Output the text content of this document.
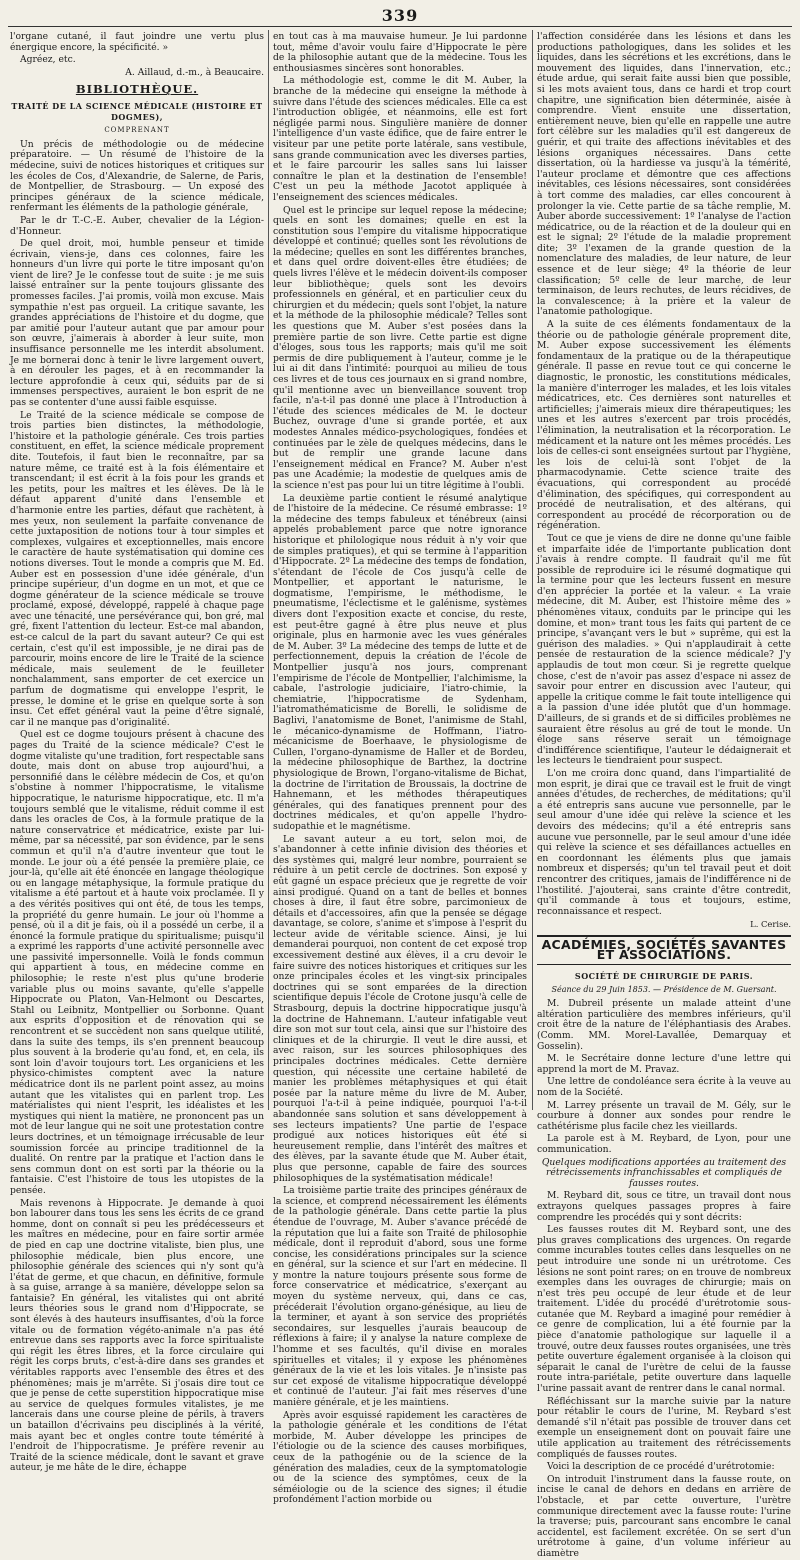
339

l'organe cutané, il faut joindre une vertu plus énergique encore, la spécificité. »

Agréez, etc.

A. Aillaud, d.-m., à Beaucaire.

BIBLIOTHÈQUE.
TRAITÉ DE LA SCIENCE MÉDICALE (HISTOIRE ET DOGMES),
COMPRENANT

Un précis de méthodologie ou de médecine préparatoire. — Un résumé de l'histoire de la médecine, suivi de notices historiques et critiques sur les écoles de Cos, d'Alexandrie, de Salerne, de Paris, de Montpellier, de Strasbourg. — Un exposé des principes généraux de la science médicale, renfermant les éléments de la pathologie générale,

Par le dr T.-C.-E. Auber, chevalier de la Légion-d'Honneur.

De quel droit, moi, humble penseur et timide écrivain, viens-je, dans ces colonnes, faire les honneurs d'un livre qui porte le titre imposant qu'on vient de lire? Je le confesse tout de suite : je me suis laissé entraîner sur la pente toujours glissante des promesses faciles. J'ai promis, voilà mon excuse. Mais sympathie n'est pas orgueil. La critique savante, les grandes appréciations de l'histoire et du dogme, que par amitié pour l'auteur autant que par amour pour son œuvre, j'aimerais à aborder à leur suite, mon insuffisance personnelle me les interdit absolument. Je me bornerai donc à tenir le livre largement ouvert, à en dérouler les pages, et à en recommander la lecture approfondie à ceux qui, séduits par de si immenses perspectives, auraient le bon esprit de ne pas se contenter d'une aussi faible esquisse.

Le Traité de la science médicale se compose de trois parties bien distinctes, la méthodologie, l'histoire et la pathologie générale. Ces trois parties constituent, en effet, la science médicale proprement dite. Toutefois, il faut bien le reconnaître, par sa nature même, ce traité est à la fois élémentaire et transcendant; il est écrit à la fois pour les grands et les petits, pour les maîtres et les élèves. De là le défaut apparent d'unité dans l'ensemble et d'harmonie entre les parties, défaut que rachètent, à mes yeux, non seulement la parfaite convenance de cette juxtaposition de notions tour à tour simples et complexes, vulgaires et exceptionnelles, mais encore le caractère de haute systématisation qui domine ces notions diverses. Tout le monde a compris que M. Ed. Auber est en possession d'une idée générale, d'un principe supérieur, d'un dogme en un mot, et que ce dogme générateur de la science médicale se trouve proclamé, exposé, développé, rappelé à chaque page avec une ténacité, une persévérance qui, bon gré, mal gré, fixent l'attention du lecteur. Est-ce mal abandon, est-ce calcul de la part du savant auteur? Ce qui est certain, c'est qu'il est impossible, je ne dirai pas de parcourir, moins encore de lire le Traité de la science médicale, mais seulement de le feuilleter nonchalamment, sans emporter de cet exercice un parfum de dogmatisme qui enveloppe l'esprit, le presse, le domine et le grise en quelque sorte à son insu. Cet effet général vaut la peine d'être signalé, car il ne manque pas d'originalité.

Quel est ce dogme toujours présent à chacune des pages du Traité de la science médicale? C'est le dogme vitaliste qu'une tradition, fort respectable sans doute, mais dont on abuse trop aujourd'hui, a personnifié dans le célèbre médecin de Cos, et qu'on s'obstine à nommer l'hippocratisme, le vitalisme hippocratique, le naturisme hippocratique, etc. Il m'a toujours semblé que le vitalisme, réduit comme il est dans les oracles de Cos, à la formule pratique de la nature conservatrice et médicatrice, existe par lui-même, par sa nécessité, par son évidence, par le sens commun et qu'il n'a d'autre inventeur que tout le monde. Le jour où a été pensée la première plaie, ce jour-là, qu'elle ait été énoncée en langage théologique ou en langage métaphysique, la formule pratique du vitalisme a été partout et à haute voix proclamée. Il y a des vérités positives qui ont été, de tous les temps, la propriété du genre humain. Le jour où l'homme a pensé, où il a dit je fais, où il a possédé un cerbe, il a énoncé la formule pratique du spiritualisme; puisqu'il a exprimé les rapports d'une activité personnelle avec une passivité impersonnelle. Voilà le fonds commun qui appartient à tous, en médecine comme en philosophie; le reste n'est plus qu'une broderie variable plus ou moins savante, qu'elle s'appelle Hippocrate ou Platon, Van-Helmont ou Descartes, Stahl ou Leibnitz, Montpellier ou Sorbonne. Quant aux esprits d'opposition et de rénovation qui se rencontrent et se succèdent non sans quelque utilité, dans la suite des temps, ils s'en prennent beaucoup plus souvent à la broderie qu'au fond, et, en cela, ils sont loin d'avoir toujours tort. Les organiciens et les physico-chimistes comptent avec la nature médicatrice dont ils ne parlent point assez, au moins autant que les vitalistes qui en parlent trop. Les matérialistes qui nient l'esprit, les idéalistes et les mystiques qui nient la matière, ne prononcent pas un mot de leur langue qui ne soit une protestation contre leurs doctrines, et un témoignage irrécusable de leur soumission forcée au principe traditionnel de la dualité. On rentre par la pratique et l'action dans le sens commun dont on est sorti par la théorie ou la fantaisie. C'est l'histoire de tous les utopistes de la pensée.

Mais revenons à Hippocrate. Je demande à quoi bon labourer dans tous les sens les écrits de ce grand homme, dont on connaît si peu les prédécesseurs et les maîtres en médecine, pour en faire sortir armée de pied en cap une doctrine vitaliste, bien plus, une philosophie médicale, bien plus encore, une philosophie générale des sciences qui n'y sont qu'à l'état de germe, et que chacun, en définitive, formule à sa guise, arrange à sa manière, développe selon sa fantaisie? En général, les vitalistes qui ont abrité leurs théories sous le grand nom d'Hippocrate, se sont élevés à des hauteurs insuffisantes, d'où la force vitale ou de formation végéto-animale n'a pas été entrevue dans ses rapports avec la force spiritualiste qui régit les êtres libres, et la force circulaire qui régit les corps bruts, c'est-à-dire dans ses grandes et véritables rapports avec l'ensemble des êtres et des phénomènes; mais je m'arrête. Si j'osais dire tout ce que je pense de cette superstition hippocratique mise au service de quelques formules vitalistes, je me lancerais dans une course pleine de périls, à travers un bataillon d'écrivains peu disciplinés à la vérité, mais ayant bec et ongles contre toute témérité à l'endroit de l'hippocratisme. Je préfère revenir au Traité de la science médicale, dont le savant et grave auteur, je me hâte de le dire, échappe

en tout cas à ma mauvaise humeur. Je lui pardonne tout, même d'avoir voulu faire d'Hippocrate le père de la philosophie autant que de la médecine. Tous les enthousiasmes sincères sont honorables.

La méthodologie est, comme le dit M. Auber, la branche de la médecine qui enseigne la méthode à suivre dans l'étude des sciences médicales. Elle ca est l'introduction obligée, et néanmoins, elle est fort négligée parmi nous. Singulière manière de donner l'intelligence d'un vaste édifice, que de faire entrer le visiteur par une petite porte latérale, sans vestibule, sans grande communication avec les diverses parties, et le faire parcourir les salles sans lui laisser connaître le plan et la destination de l'ensemble! C'est un peu la méthode Jacotot appliquée à l'enseignement des sciences médicales.

Quel est le principe sur lequel repose la médecine; quels en sont les domaines; quelle en est la constitution sous l'empire du vitalisme hippocratique développé et continué; quelles sont les révolutions de la médecine; quelles en sont les différentes branches, et dans quel ordre doivent-elles être étudiées; de quels livres l'élève et le médecin doivent-ils composer leur bibliothèque; quels sont les devoirs professionnels en général, et en particulier ceux du chirurgien et du médecin; quels sont l'objet, la nature et la méthode de la philosophie médicale? Telles sont les questions que M. Auber s'est posées dans la première partie de son livre. Cette partie est digne d'éloges, sous tous les rapports; mais qu'il me soit permis de dire publiquement à l'auteur, comme je le lui ai dit dans l'intimité: pourquoi au milieu de tous ces livres et de tous ces journaux en si grand nombre, qu'il mentionne avec un bienveillance souvent trop facile, n'a-t-il pas donné une place à l'Introduction à l'étude des sciences médicales de M. le docteur Buchez, ouvrage d'une si grande portée, et aux modestes Annales médico-psychologiques, fondées et continuées par le zèle de quelques médecins, dans le but de remplir une grande lacune dans l'enseignement médical en France? M. Auber n'est pas une Académie; la modestie de quelques amis de la science n'est pas pour lui un titre légitime à l'oubli.

La deuxième partie contient le résumé analytique de l'histoire de la médecine. Ce résumé embrasse: 1º la médecine des temps fabuleux et ténébreux (ainsi appelés probablement parce que notre ignorance historique et philologique nous réduit à n'y voir que de simples pratiques), et qui se termine à l'apparition d'Hippocrate. 2º La médecine des temps de fondation, s'étendant de l'école de Cos jusqu'à celle de Montpellier, et apportant le naturisme, le dogmatisme, l'empirisme, le méthodisme, le pneumatisme, l'éclectisme et le galénisme, systèmes divers dont l'exposition exacte et concise, du reste, est peut-être gagné à être plus neuve et plus originale, plus en harmonie avec les vues générales de M. Auber. 3º La médecine des temps de lutte et de perfectionnement, depuis la création de l'école de Montpellier jusqu'à nos jours, comprenant l'empirisme de l'école de Montpellier, l'alchimisme, la cabale, l'astrologie judiciaire, l'iatro-chimie, la chemiatrie, l'hippocratisme de Sydenham, l'iatromathématicisme de Borelli, le solidisme de Baglivi, l'anatomisme de Bonet, l'animisme de Stahl, le mécanico-dynamisme de Hoffmann, l'iatro-mécanicisme de Boerhaave, le physiologisme de Cullen, l'organo-dynamisme de Haller et de Bordeu, la médecine philosophique de Barthez, la doctrine physiologique de Brown, l'organo-vitalisme de Bichat, la doctrine de l'irritation de Broussais, la doctrine de Hahnemann, et les méthodes thérapeutiques générales, qui des fanatiques prennent pour des doctrines médicales, et qu'on appelle l'hydro-sudopathie et le magnétisme.

Le savant auteur a eu tort, selon moi, de s'abandonner à cette infinie division des théories et des systèmes qui, malgré leur nombre, pourraient se réduire à un petit cercle de doctrines. Son exposé y eût gagné un espace précieux que je regrette de voir ainsi prodigué. Quand on a tant de belles et bonnes choses à dire, il faut être sobre, parcimonieux de détails et d'accessoires, afin que la pensée se dégage davantage, se colore, s'anime et s'impose à l'esprit du lecteur avide de véritable science. Ainsi, je lui demanderai pourquoi, non content de cet exposé trop excessivement destiné aux élèves, il a cru devoir le faire suivre des notices historiques et critiques sur les onze principales écoles et les vingt-six principales doctrines qui se sont emparées de la direction scientifique depuis l'école de Crotone jusqu'à celle de Strasbourg, depuis la doctrine hippocratique jusqu'à la doctrine de Hahnemann. L'auteur infatigable veut dire son mot sur tout cela, ainsi que sur l'histoire des cliniques et de la chirurgie. Il veut le dire aussi, et avec raison, sur les sources philosophiques des principales doctrines médicales. Cette dernière question, qui nécessite une certaine habileté de manier les problèmes métaphysiques et qui était posée par la nature même du livre de M. Auber, pourquoi l'a-t-il à peine indiquée, pourquoi l'a-t-il abandonnée sans solution et sans développement à ses lecteurs impatients? Une partie de l'espace prodigué aux notices historiques eût été si heureusement remplie, dans l'intérêt des maîtres et des élèves, par la savante étude que M. Auber était, plus que personne, capable de faire des sources philosophiques de la systématisation médicale!

La troisième partie traite des principes généraux de la science, et comprend nécessairement les éléments de la pathologie générale. Dans cette partie la plus étendue de l'ouvrage, M. Auber s'avance précédé de la réputation que lui a faite son Traité de philosophie médicale, dont il reproduit d'abord, sous une forme concise, les considérations principales sur la science en général, sur la science et sur l'art en médecine. Il y montre la nature toujours présente sous forme de force conservatrice et médicatrice, s'exerçant au moyen du système nerveux, qui, dans ce cas, précéderait l'évolution organo-génésique, au lieu de la terminer, et ayant à son service des propriétés secondaires, sur lesquelles j'aurais beaucoup de réflexions à faire; il y analyse la nature complexe de l'homme et ses facultés, qu'il divise en morales spirituelles et vitales; il y expose les phénomènes généraux de la vie et les lois vitales. Je n'insiste pas sur cet exposé de vitalisme hippocratique développé et continué de l'auteur. J'ai fait mes réserves d'une manière générale, et je les maintiens.

Après avoir esquissé rapidement les caractères de la pathologie générale et les conditions de l'état morbide, M. Auber développe les principes de l'étiologie ou de la science des causes morbifiques, ceux de la pathogénie ou de la science de la génération des maladies, ceux de la symptomatologie ou de la science des symptômes, ceux de la séméiologie ou de la science des signes; il étudie profondément l'action morbide ou

l'affection considérée dans les lésions et dans les productions pathologiques, dans les solides et les liquides, dans les sécrétions et les excrétions, dans le mouvement des liquides, dans l'innervation, etc.; étude ardue, qui serait faite aussi bien que possible, si les mots avaient tous, dans ce hardi et trop court chapitre, une signification bien déterminée, aisée à comprendre. Vient ensuite une dissertation, entièrement neuve, bien qu'elle en rappelle une autre fort célèbre sur les maladies qu'il est dangereux de guérir, et qui traite des affections inévitables et des lésions organiques nécessaires. Dans cette dissertation, où la hardiesse va jusqu'à la témérité, l'auteur proclame et démontre que ces affections inévitables, ces lésions nécessaires, sont considérées à tort comme des maladies, car elles concourent à prolonger la vie. Cette partie de sa tâche remplie, M. Auber aborde successivement: 1º l'analyse de l'action médicatrice, ou de la réaction et de la douleur qui en est le signal; 2º l'étude de la maladie proprement dite; 3º l'examen de la grande question de la nomenclature des maladies, de leur nature, de leur essence et de leur siège; 4º la théorie de leur classification; 5º celle de leur marche, de leur terminaison, de leurs rechutes, de leurs récidives, de la convalescence; à la prière et la valeur de l'anatomie pathologique.

A la suite de ces éléments fondamentaux de la théorie ou de pathologie générale proprement dite, M. Auber expose successivement les éléments fondamentaux de la pratique ou de la thérapeutique générale. Il passe en revue tout ce qui concerne le diagnostic, le pronostic, les constitutions médicales, la manière d'interroger les malades, et les lois vitales médicatrices, etc. Ces dernières sont naturelles et artificielles; j'aimerais mieux dire thérapeutiques; les unes et les autres s'exercent par trois procédés, l'élimination, la neutralisation et la récorporation. Le médicament et la nature ont les mêmes procédés. Les lois de celles-ci sont enseignées surtout par l'hygiène, les lois de celui-là sont l'objet de la pharmacodynamie. Cette science traite des évacuations, qui correspondent au procédé d'élimination, des spécifiques, qui correspondent au procédé de neutralisation, et des altérans, qui correspondent au procédé de récorporation ou de régénération.

Tout ce que je viens de dire ne donne qu'une faible et imparfaite idée de l'importante publication dont j'avais à rendre compte. Il faudrait qu'il me fût possible de reproduire ici le résumé dogmatique qui la termine pour que les lecteurs fussent en mesure d'en apprécier la portée et la valeur. « La vraie médecine, dit M. Auber, est l'histoire même des » phénomènes vitaux, conduits par le principe qui les domine, et mon» trant tous les faits qui partent de ce principe, s'avançant vers le but » suprême, qui est la guérison des maladies. » Qui n'applaudirait à cette pensée de restauration de la science médicale? J'y applaudis de tout mon cœur. Si je regrette quelque chose, c'est de n'avoir pas assez d'espace ni assez de savoir pour entrer en discussion avec l'auteur, qui appelle la critique comme le fait toute intelligence qui a la passion d'une idée plutôt que d'un hommage. D'ailleurs, de si grands et de si difficiles problèmes ne sauraient être résolus au gré de tout le monde. Un éloge sans réserve serait un témoignage d'indifférence scientifique, l'auteur le dédaignerait et les lecteurs le tiendraient pour suspect.

L'on me croira donc quand, dans l'impartialité de mon esprit, je dirai que ce travail est le fruit de vingt années d'études, de recherches, de méditations; qu'il a été entrepris sans aucune vue personnelle, par le seul amour d'une idée qui relève la science et les devoirs des médecins; qu'il a été entrepris sans aucune vue personnelle, par le seul amour d'une idée qui relève la science et ses défaillances actuelles en en coordonnant les éléments plus que jamais nombreux et dispersés; qu'un tel travail peut et doit rencontrer des critiques, jamais de l'indifférence ni de l'hostilité. J'ajouterai, sans crainte d'être contredit, qu'il commande à tous et toujours, estime, reconnaissance et respect.

L. Cerise.

ACADÉMIES, SOCIÉTÉS SAVANTES ET ASSOCIATIONS.
SOCIÉTÉ DE CHIRURGIE DE PARIS.
Séance du 29 Juin 1853. — Présidence de M. Guersant.

M. Dubreil présente un malade atteint d'une altération particulière des membres inférieurs, qu'il croit être de la nature de l'éléphantiasis des Arabes. (Comm. MM. Morel-Lavallée, Demarquay et Gosselin).

M. le Secrétaire donne lecture d'une lettre qui apprend la mort de M. Pravaz.

Une lettre de condoléance sera écrite à la veuve au nom de la Société.

M. Larrey présente un travail de M. Gély, sur le courbure à donner aux sondes pour rendre le cathétérisme plus facile chez les vieillards.

La parole est à M. Reybard, de Lyon, pour une communication.

Quelques modifications apportées au traitement des rétrécissements infranchissables et compliqués de fausses routes.

M. Reybard dit, sous ce titre, un travail dont nous extrayons quelques passages propres à faire comprendre les procédés qui y sont décrits:

Les fausses routes dit M. Reybard sont, une des plus graves complications des urgences. On regarde comme incurables toutes celles dans lesquelles on ne peut introduire une sonde ni un urétrotome. Ces lésions ne sont point rares; on en trouve de nombreux exemples dans les ouvrages de chirurgie; mais on n'est très peu occupé de leur étude et de leur traitement. L'idée du procédé d'urétrotomie sous-cutanée que M. Reybard a imaginé pour remédier à ce genre de complication, lui a été fournie par la pièce d'anatomie pathologique sur laquelle il a trouvé, outre deux fausses routes organisées, une très petite ouverture également organisée à la cloison qui séparait le canal de l'urètre de celui de la fausse route intra-pariétale, petite ouverture dans laquelle l'urine passait avant de rentrer dans le canal normal.

Réfléchissant sur la marche suivie par la nature pour rétablir le cours de l'urine, M. Reybard s'est demandé s'il n'était pas possible de trouver dans cet exemple un enseignement dont on pouvait faire une utile application au traitement des rétrécissements compliqués de fausses routes.

Voici la description de ce procédé d'urétrotomie:

On introduit l'instrument dans la fausse route, on incise le canal de dehors en dedans en arrière de l'obstacle, et par cette ouverture, l'urètre communique directement avec la fausse route: l'urine la traverse; puis, parcourant sans encombre le canal accidentel, est facilement excrétée. On se sert d'un urétrotome à gaine, d'un volume inférieur au diamètre
